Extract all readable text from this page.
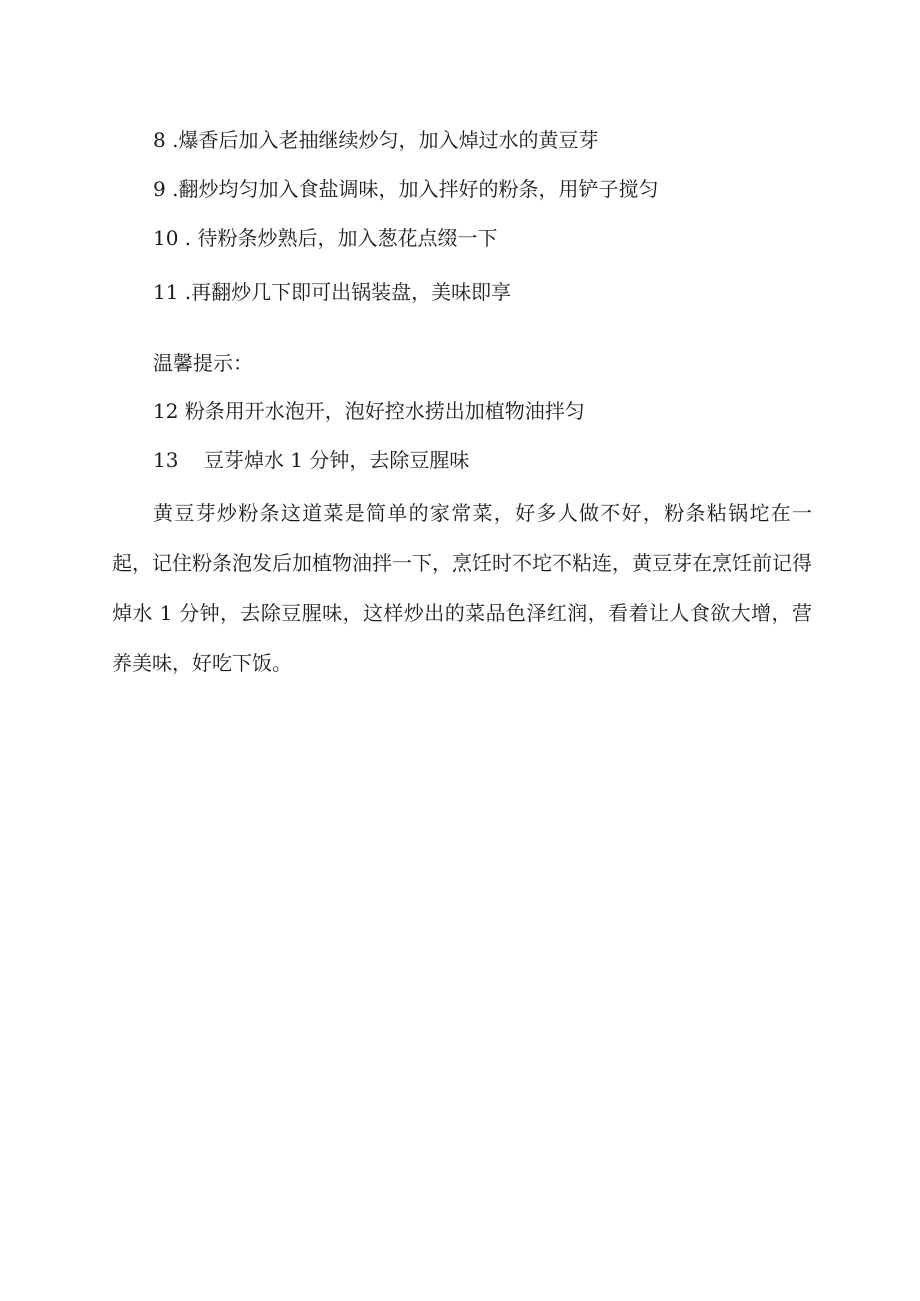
8 .爆香后加入老抽继续炒匀，加入焯过水的黄豆芽
9 .翻炒均匀加入食盐调味，加入拌好的粉条，用铲子搅匀
10 . 待粉条炒熟后，加入葱花点缀一下
11 .再翻炒几下即可出锅装盘，美味即享
温馨提示：
12 粉条用开水泡开，泡好控水捞出加植物油拌匀
13    豆芽焯水 1 分钟，去除豆腥味
黄豆芽炒粉条这道菜是简单的家常菜，好多人做不好，粉条粘锅坨在一起，记住粉条泡发后加植物油拌一下，烹饪时不坨不粘连，黄豆芽在烹饪前记得焯水 1 分钟，去除豆腥味，这样炒出的菜品色泽红润，看着让人食欲大增，营养美味，好吃下饭。
